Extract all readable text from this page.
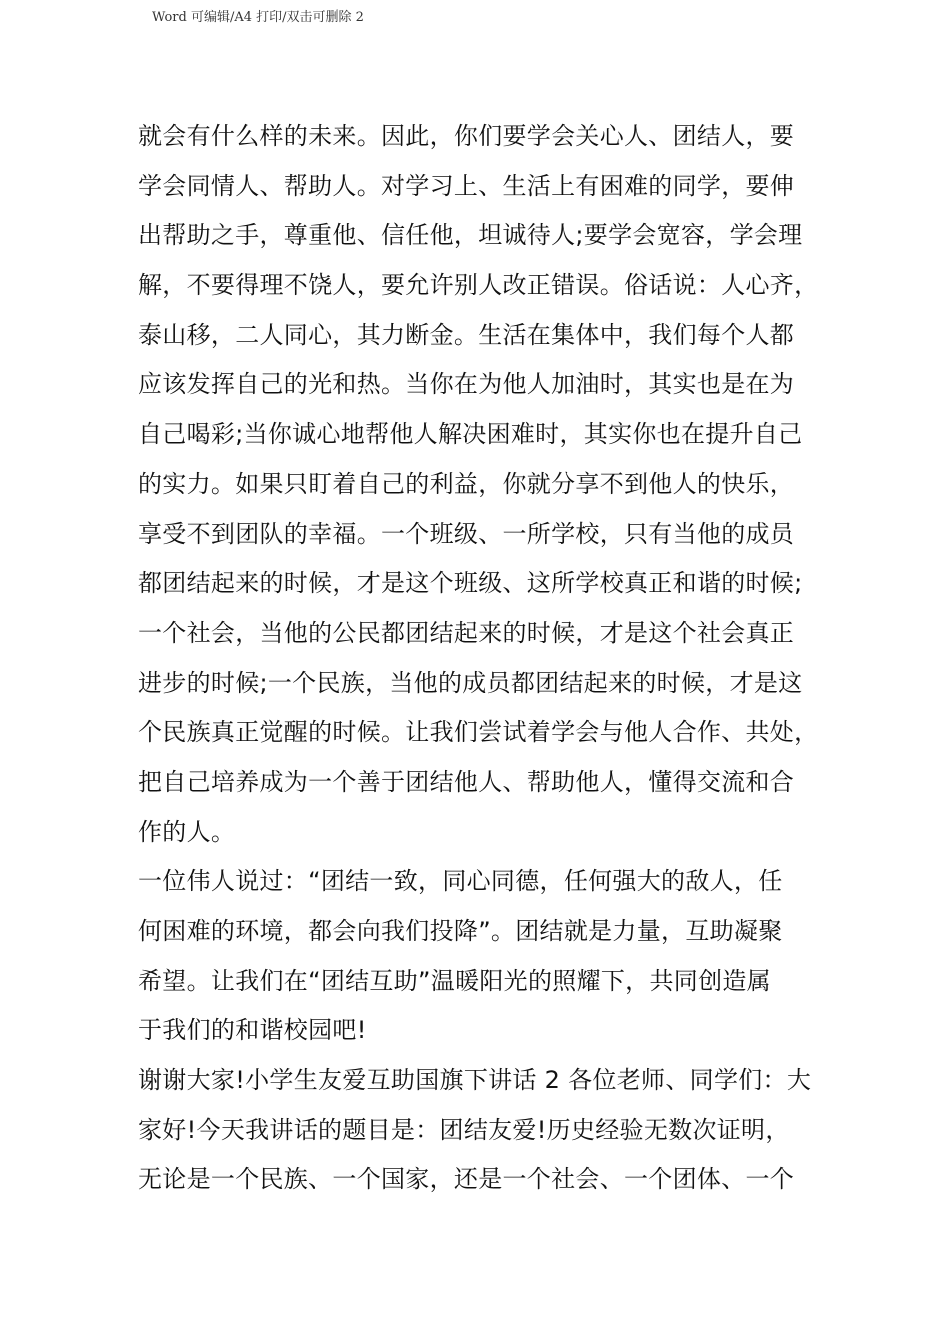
Word 可编辑/A4 打印/双击可删除 2
就会有什么样的未来。因此，你们要学会关心人、团结人，要
学会同情人、帮助人。对学习上、生活上有困难的同学，要伸
出帮助之手，尊重他、信任他，坦诚待人;要学会宽容，学会理
解，不要得理不饶人，要允许别人改正错误。俗话说：人心齐，
泰山移，二人同心，其力断金。生活在集体中，我们每个人都
应该发挥自己的光和热。当你在为他人加油时，其实也是在为
自己喝彩;当你诚心地帮他人解决困难时，其实你也在提升自己
的实力。如果只盯着自己的利益，你就分享不到他人的快乐，
享受不到团队的幸福。一个班级、一所学校，只有当他的成员
都团结起来的时候，才是这个班级、这所学校真正和谐的时候;
一个社会，当他的公民都团结起来的时候，才是这个社会真正
进步的时候;一个民族，当他的成员都团结起来的时候，才是这
个民族真正觉醒的时候。让我们尝试着学会与他人合作、共处，
把自己培养成为一个善于团结他人、帮助他人，懂得交流和合
作的人。
一位伟人说过：“团结一致，同心同德，任何强大的敌人，任
何困难的环境，都会向我们投降”。团结就是力量，互助凝聚
希望。让我们在“团结互助”温暖阳光的照耀下，共同创造属
于我们的和谐校园吧!
谢谢大家!小学生友爱互助国旗下讲话 2 各位老师、同学们：大
家好!今天我讲话的题目是：团结友爱!历史经验无数次证明，
无论是一个民族、一个国家，还是一个社会、一个团体、一个
